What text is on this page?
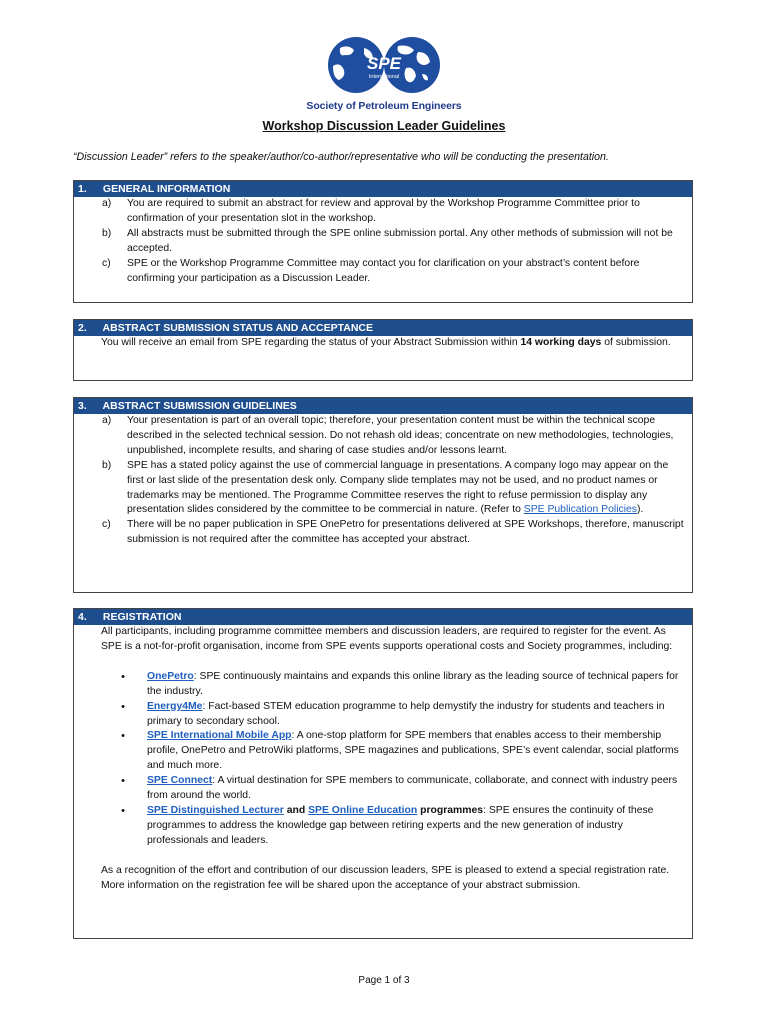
SPE
International
Society of Petroleum Engineers
Workshop Discussion Leader Guidelines
“Discussion Leader” refers to the speaker/author/co-author/representative who will be conducting the presentation.
1. GENERAL INFORMATION
a)	You are required to submit an abstract for review and approval by the Workshop Programme Committee prior to confirmation of your presentation slot in the workshop.
b)	All abstracts must be submitted through the SPE online submission portal. Any other methods of submission will not be accepted.
c)	SPE or the Workshop Programme Committee may contact you for clarification on your abstract’s content before confirming your participation as a Discussion Leader.
2. ABSTRACT SUBMISSION STATUS AND ACCEPTANCE
You will receive an email from SPE regarding the status of your Abstract Submission within 14 working days of submission.
3. ABSTRACT SUBMISSION GUIDELINES
a)	Your presentation is part of an overall topic; therefore, your presentation content must be within the technical scope described in the selected technical session. Do not rehash old ideas; concentrate on new methodologies, technologies, unpublished, incomplete results, and sharing of case studies and/or lessons learnt.
b)	SPE has a stated policy against the use of commercial language in presentations. A company logo may appear on the first or last slide of the presentation desk only. Company slide templates may not be used, and no product names or trademarks may be mentioned. The Programme Committee reserves the right to refuse permission to display any presentation slides considered by the committee to be commercial in nature. (Refer to SPE Publication Policies).
c)	There will be no paper publication in SPE OnePetro for presentations delivered at SPE Workshops, therefore, manuscript submission is not required after the committee has accepted your abstract.
4. REGISTRATION
All participants, including programme committee members and discussion leaders, are required to register for the event. As SPE is a not-for-profit organisation, income from SPE events supports operational costs and Society programmes, including:
•	OnePetro: SPE continuously maintains and expands this online library as the leading source of technical papers for the industry.
•	Energy4Me: Fact-based STEM education programme to help demystify the industry for students and teachers in primary to secondary school.
•	SPE International Mobile App: A one-stop platform for SPE members that enables access to their membership profile, OnePetro and PetroWiki platforms, SPE magazines and publications, SPE’s event calendar, social platforms and much more.
•	SPE Connect: A virtual destination for SPE members to communicate, collaborate, and connect with industry peers from around the world.
•	SPE Distinguished Lecturer and SPE Online Education programmes: SPE ensures the continuity of these programmes to address the knowledge gap between retiring experts and the new generation of industry professionals and leaders.
As a recognition of the effort and contribution of our discussion leaders, SPE is pleased to extend a special registration rate. More information on the registration fee will be shared upon the acceptance of your abstract submission.
Page 1 of 3
